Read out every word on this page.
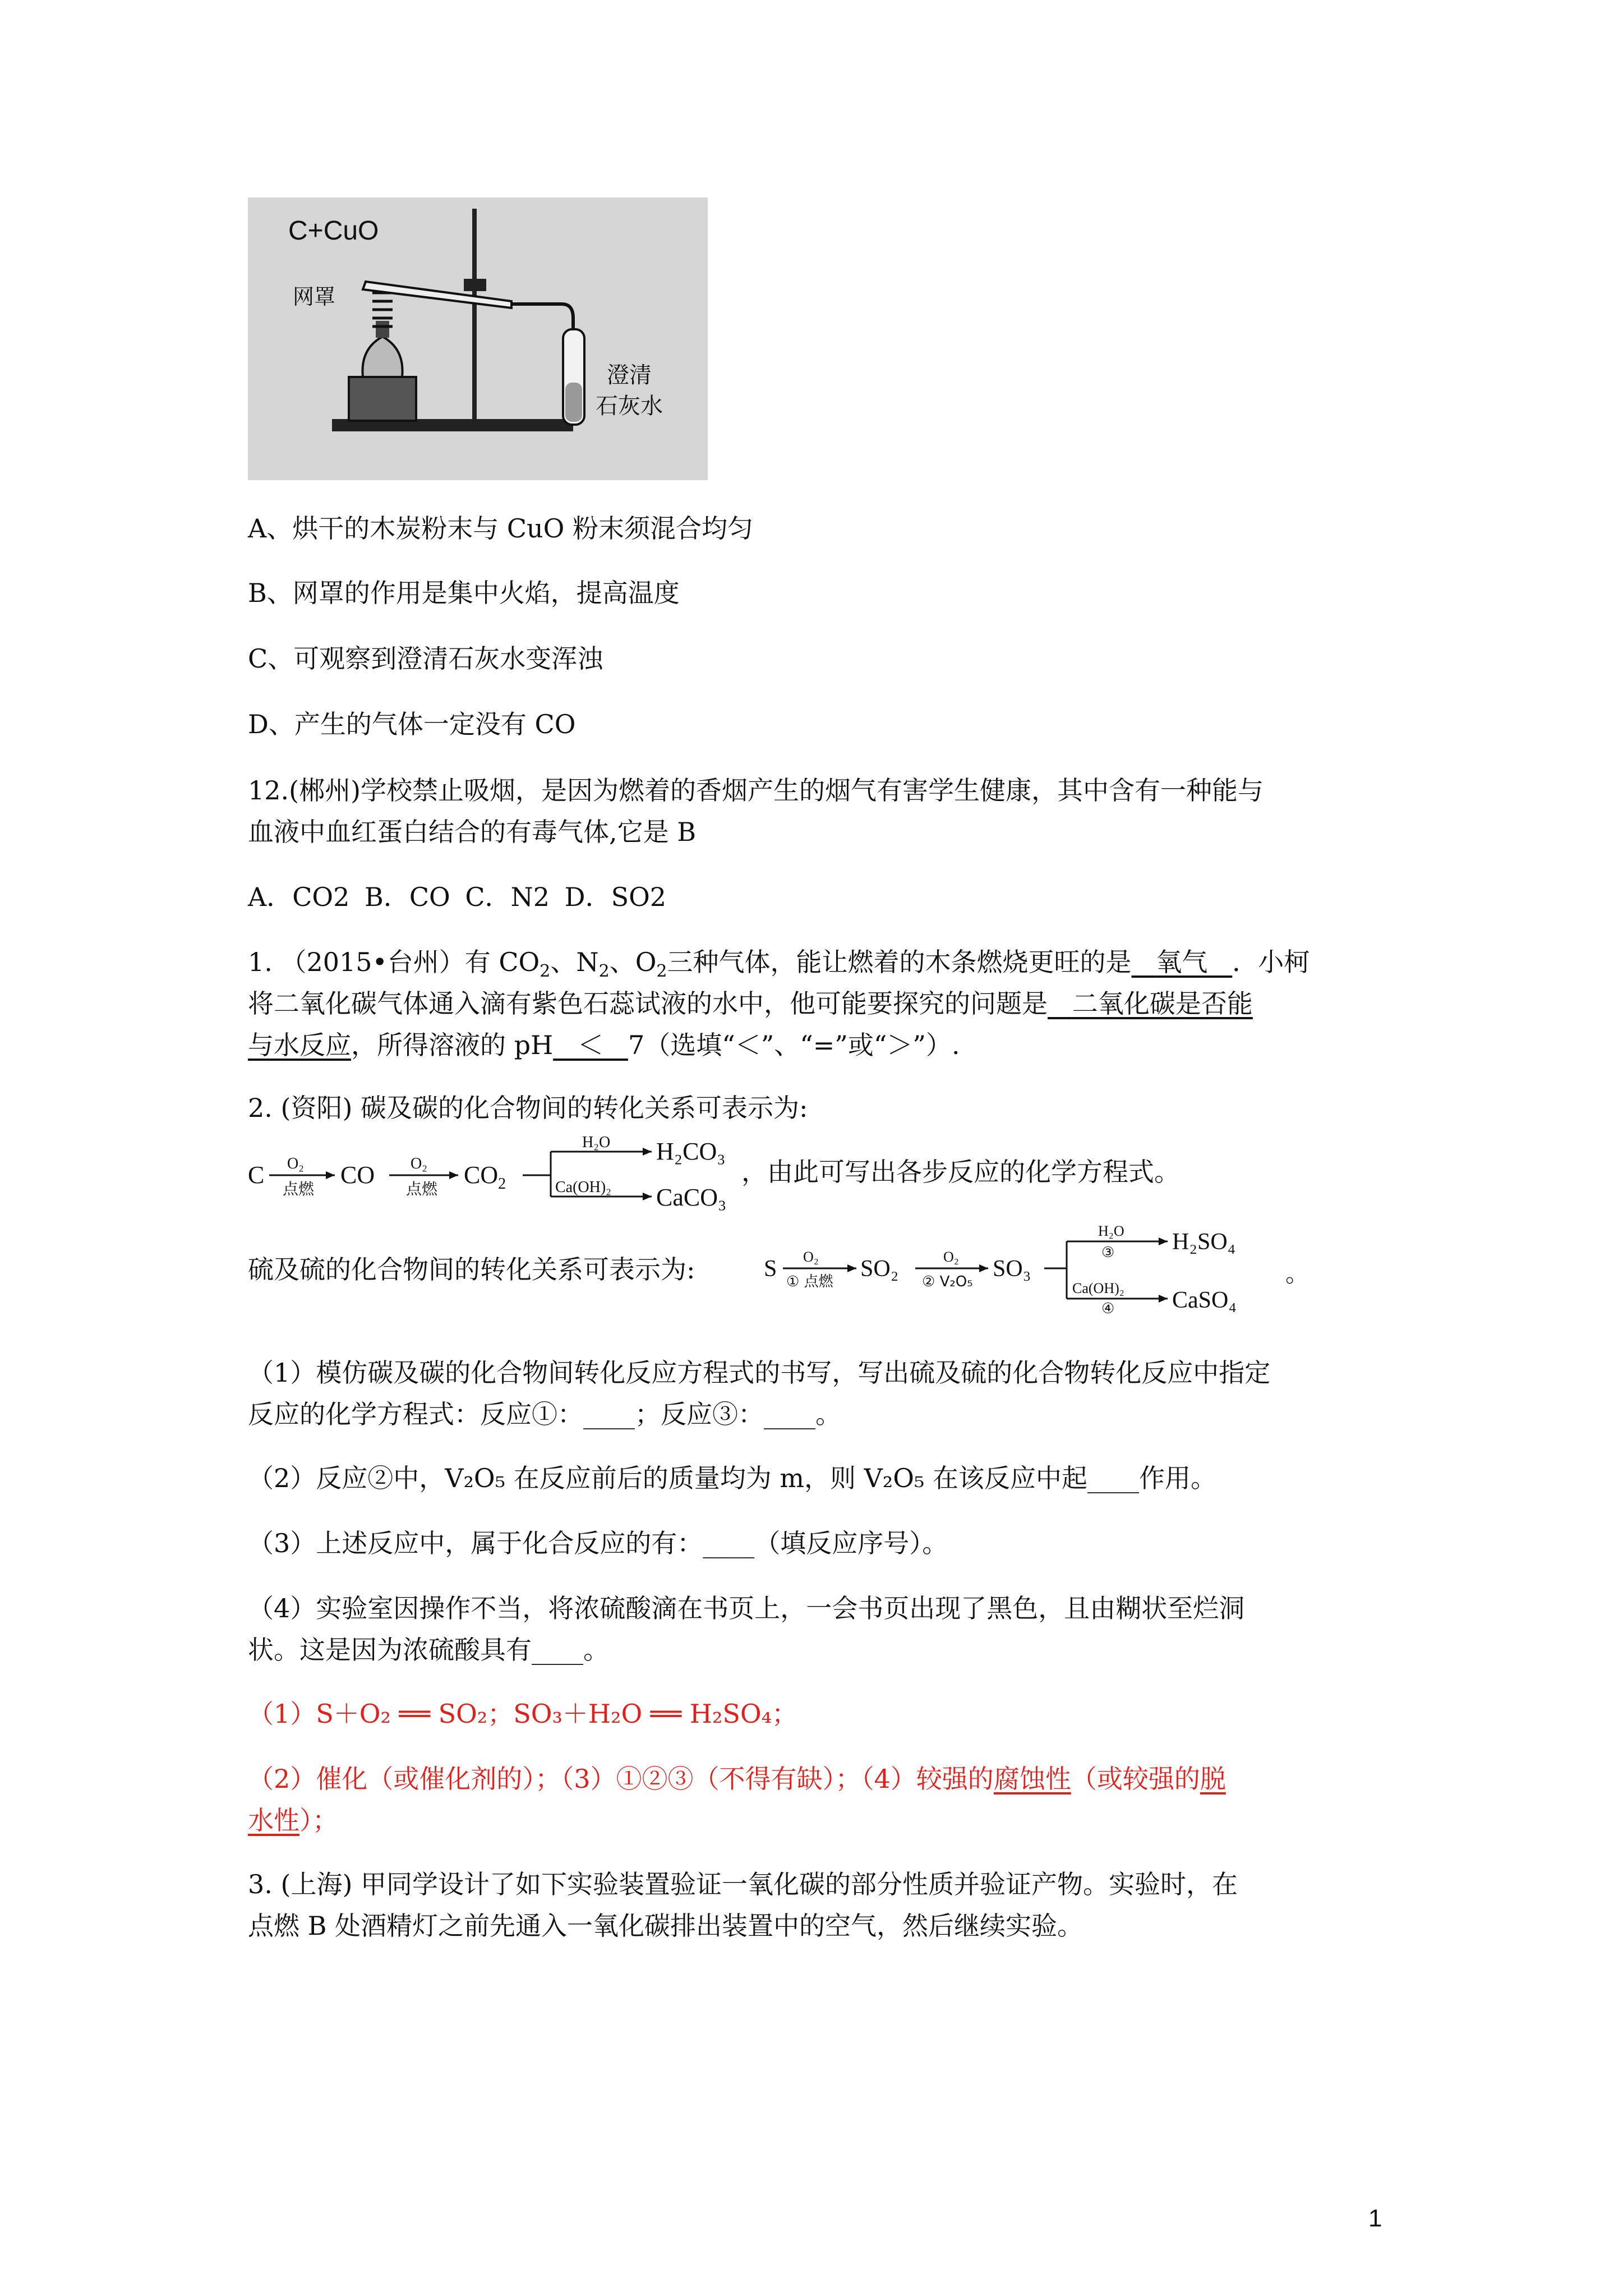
C+CuO
网罩
澄清
石灰水
A、烘干的木炭粉末与 CuO 粉末须混合均匀
B、网罩的作用是集中火焰，提高温度
C、可观察到澄清石灰水变浑浊
D、产生的气体一定没有 CO
12.(郴州)学校禁止吸烟，是因为燃着的香烟产生的烟气有害学生健康，其中含有一种能与
血液中血红蛋白结合的有毒气体,它是 B
A．CO2 B．CO C．N2 D．SO2
1. （2015•台州）有 $CO_2$、$N_2$、$O_2$三种气体，能让燃着的木条燃烧更旺的是 氧气 ．小柯
将二氧化碳气体通入滴有紫色石蕊试液的水中，他可能要探究的问题是 二氧化碳是否能
与水反应，所得溶液的 pH ＜ 7（选填“＜”、“=”或“＞”）.
2. (资阳) 碳及碳的化合物间的转化关系可表示为:
C O₂
点燃
CO O₂
点燃
$CO_2$
H₂O H₂CO₃
Ca(OH)₂ CaCO₃
，由此可写出各步反应的化学方程式。
硫及硫的化合物间的转化关系可表示为:	S O₂
① 点燃 SO₂	O₂
② V₂O₅ SO₃
H₂O
③ H₂SO₄
Ca(OH)₂
④ CaSO₄
。
（1）模仿碳及碳的化合物间转化反应方程式的书写，写出硫及硫的化合物转化反应中指定
反应的化学方程式：反应①：____；反应③：____。
（2）反应②中，V₂O₅ 在反应前后的质量均为 m，则 V₂O₅ 在该反应中起____作用。
（3）上述反应中，属于化合反应的有：____（填反应序号）。
（4）实验室因操作不当，将浓硫酸滴在书页上，一会书页出现了黑色，且由糊状至烂洞
状。这是因为浓硫酸具有____。
（1）S＋O₂ ══ SO₂；SO₃＋H₂O ══ H₂SO₄；
（2）催化（或催化剂的）；（3）①②③（不得有缺）；（4）较强的腐蚀性（或较强的脱
水性）；
3. (上海) 甲同学设计了如下实验装置验证一氧化碳的部分性质并验证产物。实验时，在
点燃 B 处酒精灯之前先通入一氧化碳排出装置中的空气，然后继续实验。
1
